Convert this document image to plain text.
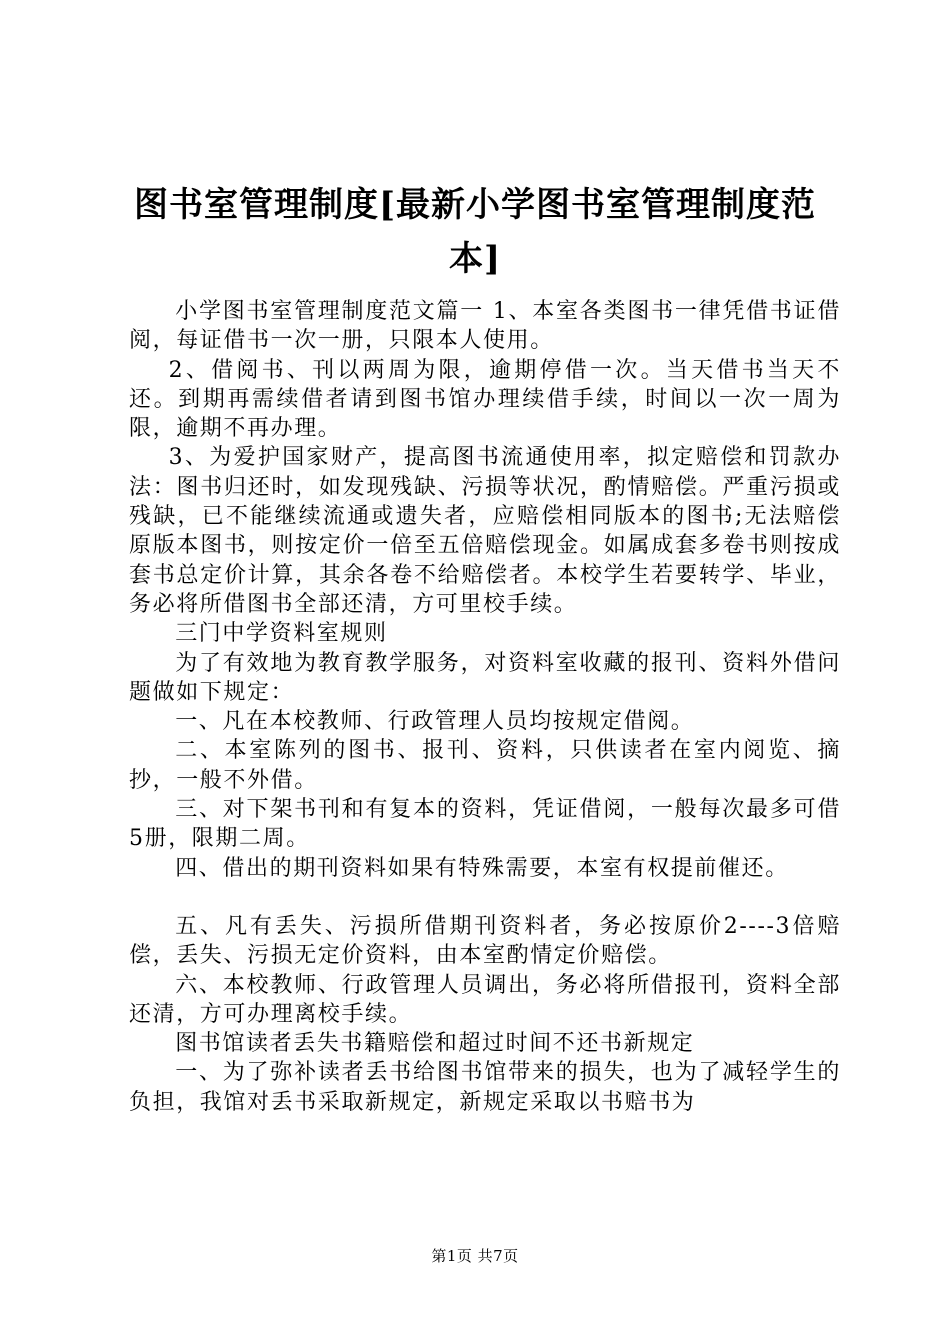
图书室管理制度[最新小学图书室管理制度范本]

小学图书室管理制度范文篇一 1、本室各类图书一律凭借书证借阅，每证借书一次一册，只限本人使用。

2、借阅书、刊以两周为限，逾期停借一次。当天借书当天不还。到期再需续借者请到图书馆办理续借手续，时间以一次一周为限，逾期不再办理。

3、为爱护国家财产，提高图书流通使用率，拟定赔偿和罚款办法：图书归还时，如发现残缺、污损等状况，酌情赔偿。严重污损或残缺，已不能继续流通或遗失者，应赔偿相同版本的图书;无法赔偿原版本图书，则按定价一倍至五倍赔偿现金。如属成套多卷书则按成套书总定价计算，其余各卷不给赔偿者。本校学生若要转学、毕业，务必将所借图书全部还清，方可里校手续。

三门中学资料室规则

为了有效地为教育教学服务，对资料室收藏的报刊、资料外借问题做如下规定：

一、凡在本校教师、行政管理人员均按规定借阅。

二、本室陈列的图书、报刊、资料，只供读者在室内阅览、摘抄，一般不外借。

三、对下架书刊和有复本的资料，凭证借阅，一般每次最多可借5册，限期二周。

四、借出的期刊资料如果有特殊需要，本室有权提前催还。

五、凡有丢失、污损所借期刊资料者，务必按原价2----3倍赔偿，丢失、污损无定价资料，由本室酌情定价赔偿。

六、本校教师、行政管理人员调出，务必将所借报刊，资料全部还清，方可办理离校手续。

图书馆读者丢失书籍赔偿和超过时间不还书新规定

一、为了弥补读者丢书给图书馆带来的损失，也为了减轻学生的负担，我馆对丢书采取新规定，新规定采取以书赔书为

第1页 共7页
